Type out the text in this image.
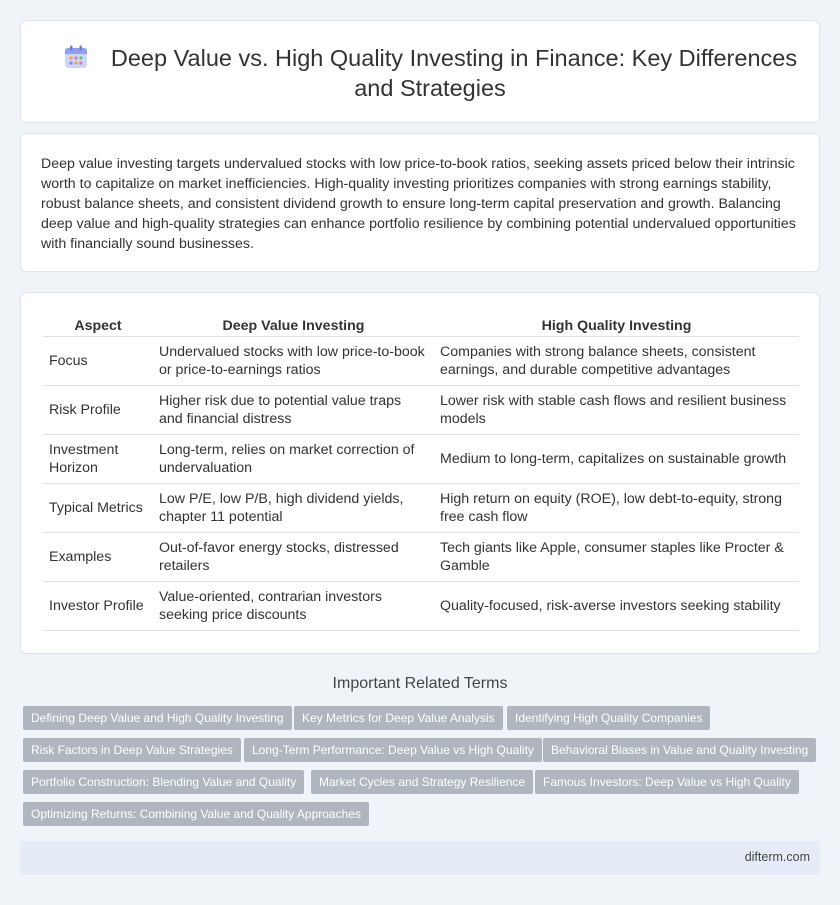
Deep Value vs. High Quality Investing in Finance: Key Differences and Strategies

Deep value investing targets undervalued stocks with low price-to-book ratios, seeking assets priced below their intrinsic worth to capitalize on market inefficiencies. High-quality investing prioritizes companies with strong earnings stability, robust balance sheets, and consistent dividend growth to ensure long-term capital preservation and growth. Balancing deep value and high-quality strategies can enhance portfolio resilience by combining potential undervalued opportunities with financially sound businesses.

Aspect		Deep Value Investing		High Quality Investing
Focus		Undervalued stocks with low price-to-book or price-to-earnings ratios		Companies with strong balance sheets, consistent earnings, and durable competitive advantages
Risk Profile		Higher risk due to potential value traps and financial distress		Lower risk with stable cash flows and resilient business models
Investment Horizon		Long-term, relies on market correction of undervaluation		Medium to long-term, capitalizes on sustainable growth
Typical Metrics		Low P/E, low P/B, high dividend yields, chapter 11 potential		High return on equity (ROE), low debt-to-equity, strong free cash flow
Examples		Out-of-favor energy stocks, distressed retailers		Tech giants like Apple, consumer staples like Procter & Gamble
Investor Profile		Value-oriented, contrarian investors seeking price discounts		Quality-focused, risk-averse investors seeking stability
Important Related Terms
Defining Deep Value and High Quality Investing	Key Metrics for Deep Value Analysis	Identifying High Quality Companies
Risk Factors in Deep Value Strategies	Long-Term Performance: Deep Value vs High Quality	Behavioral Biases in Value and Quality Investing
Portfolio Construction: Blending Value and Quality	Market Cycles and Strategy Resilience	Famous Investors: Deep Value vs High Quality
Optimizing Returns: Combining Value and Quality Approaches
difterm.com
